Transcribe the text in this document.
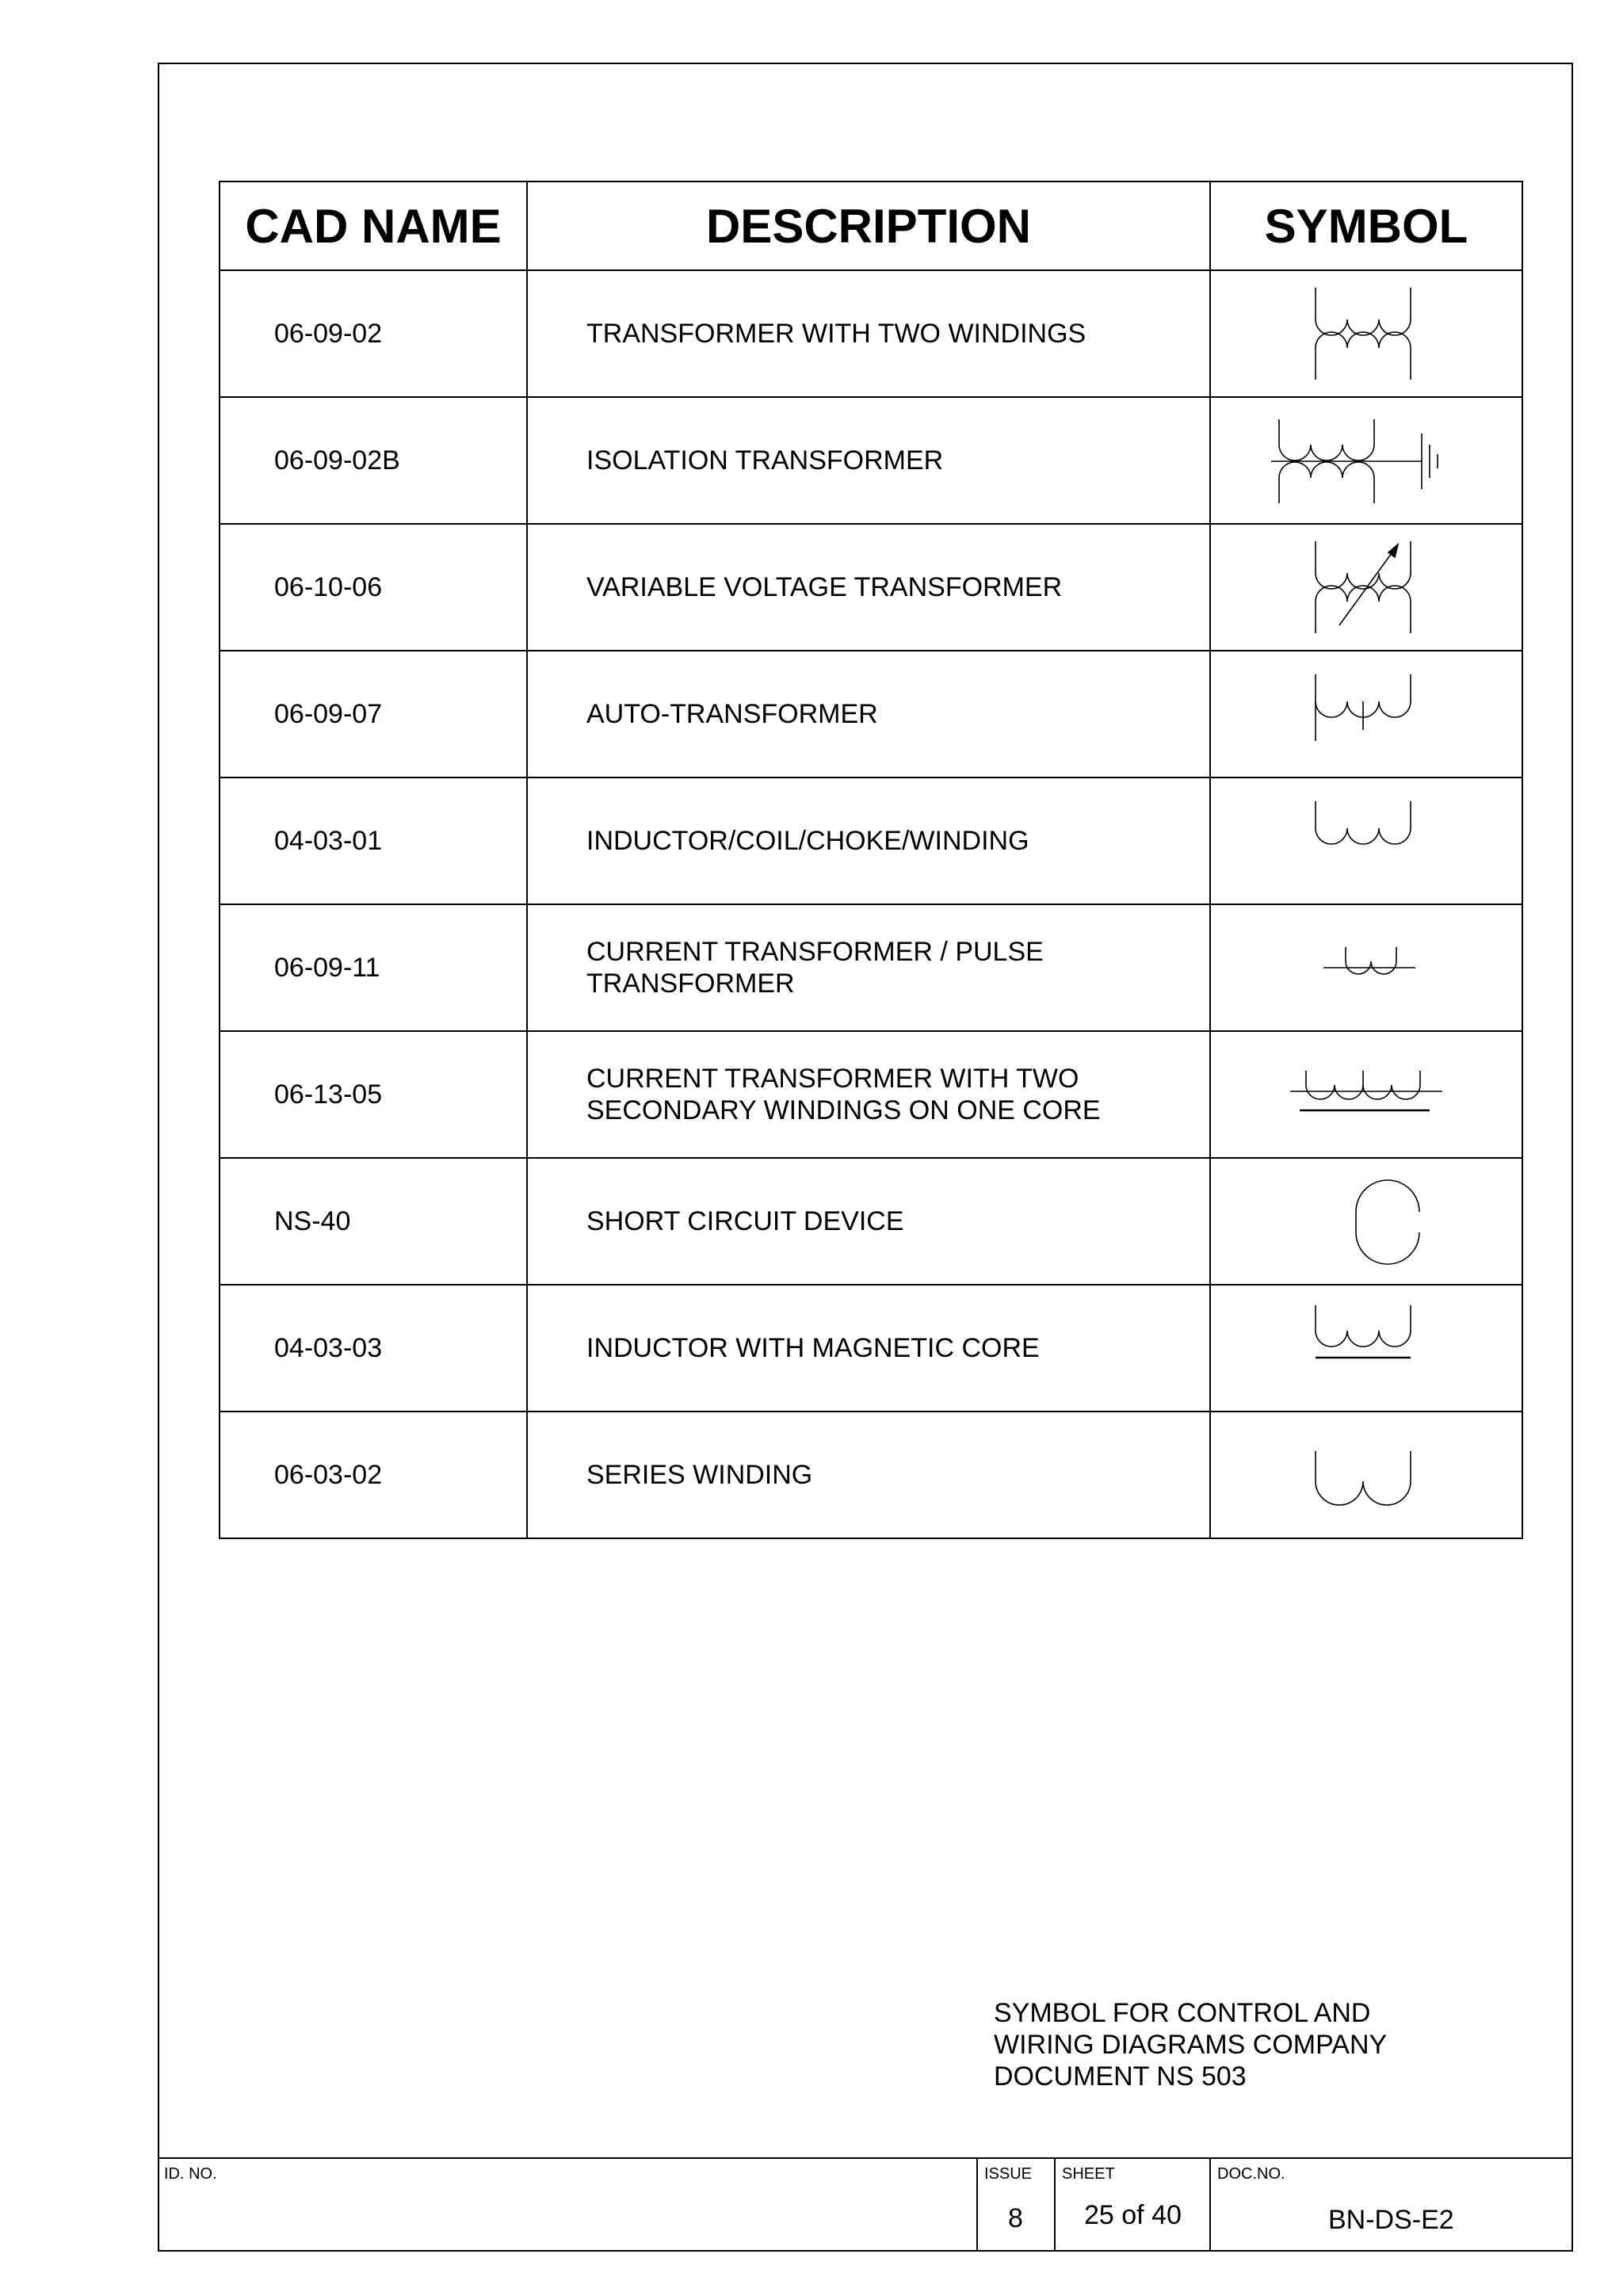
CAD NAME	DESCRIPTION	SYMBOL
06-09-02	TRANSFORMER WITH TWO WINDINGS	

06-09-02B	ISOLATION TRANSFORMER	

06-10-06	VARIABLE VOLTAGE TRANSFORMER	

06-09-07	AUTO-TRANSFORMER	

04-03-01	INDUCTOR/COIL/CHOKE/WINDING	

06-09-11	CURRENT TRANSFORMER / PULSE TRANSFORMER	

06-13-05	CURRENT TRANSFORMER WITH TWO SECONDARY WINDINGS ON ONE CORE	

NS-40	SHORT CIRCUIT DEVICE	

04-03-03	INDUCTOR WITH MAGNETIC CORE	

06-03-02	SERIES WINDING	
SYMBOL FOR CONTROL AND
WIRING DIAGRAMS COMPANY
DOCUMENT NS 503
ID. NO.	ISSUE
8
SHEET
25 of 40
DOC.NO.
BN-DS-E2
